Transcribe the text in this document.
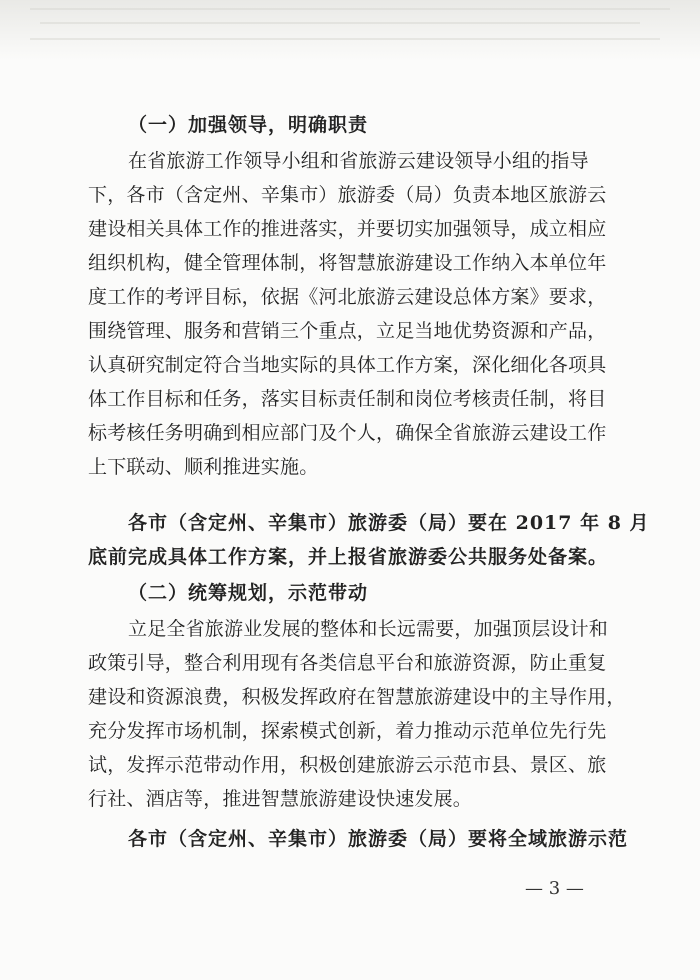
（一）加强领导，明确职责
在省旅游工作领导小组和省旅游云建设领导小组的指导
下，各市（含定州、辛集市）旅游委（局）负责本地区旅游云
建设相关具体工作的推进落实，并要切实加强领导，成立相应
组织机构，健全管理体制，将智慧旅游建设工作纳入本单位年
度工作的考评目标，依据《河北旅游云建设总体方案》要求，
围绕管理、服务和营销三个重点，立足当地优势资源和产品，
认真研究制定符合当地实际的具体工作方案，深化细化各项具
体工作目标和任务，落实目标责任制和岗位考核责任制，将目
标考核任务明确到相应部门及个人，确保全省旅游云建设工作
上下联动、顺利推进实施。
各市（含定州、辛集市）旅游委（局）要在 2017 年 8 月
底前完成具体工作方案，并上报省旅游委公共服务处备案。
（二）统筹规划，示范带动
立足全省旅游业发展的整体和长远需要，加强顶层设计和
政策引导，整合利用现有各类信息平台和旅游资源，防止重复
建设和资源浪费，积极发挥政府在智慧旅游建设中的主导作用，
充分发挥市场机制，探索模式创新，着力推动示范单位先行先
试，发挥示范带动作用，积极创建旅游云示范市县、景区、旅
行社、酒店等，推进智慧旅游建设快速发展。
各市（含定州、辛集市）旅游委（局）要将全域旅游示范
— 3 —
